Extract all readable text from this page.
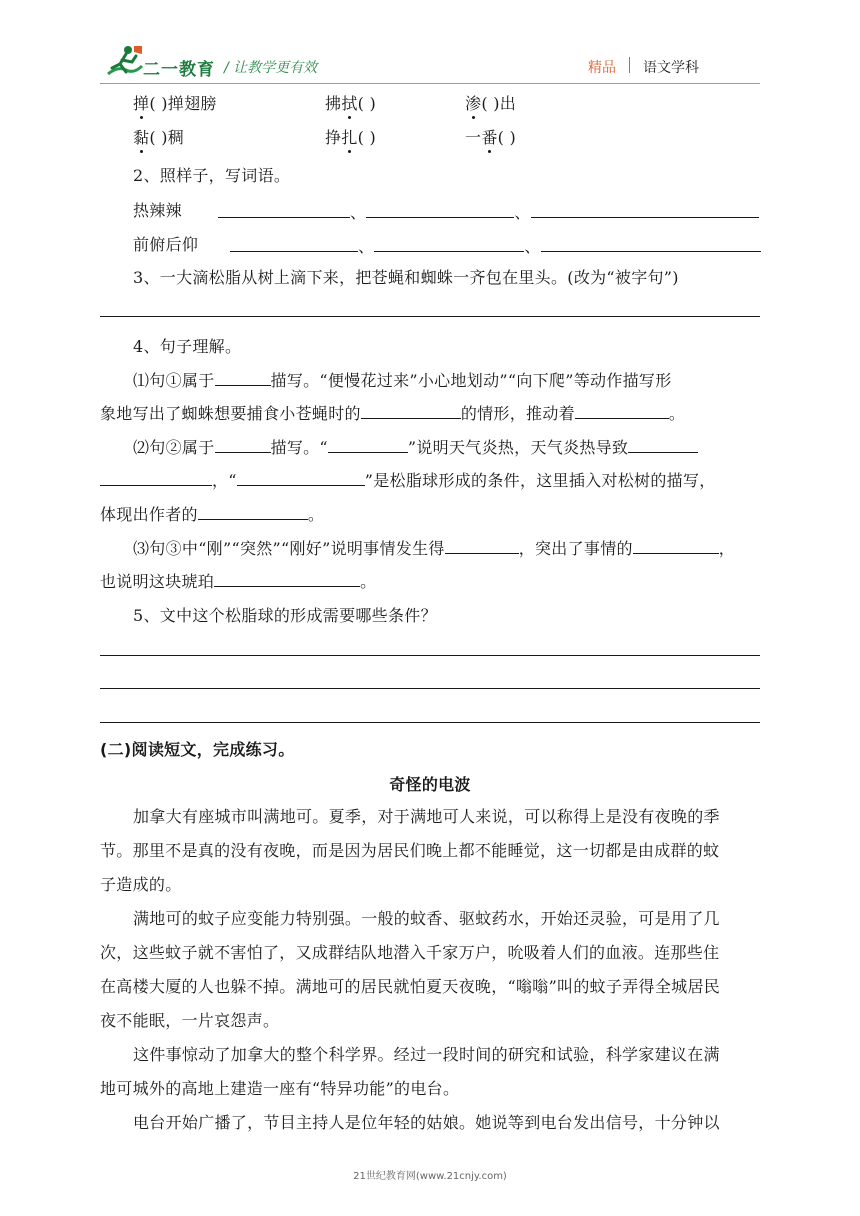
二一教育 / 让教学更有效	精品 语文学科
掸( )掸翅膀	拂拭( )	渗( )出
黏( )稠	挣扎( )	一番( )
2、照样子，写词语。
热辣辣	、	、
前俯后仰	、	、
3、一大滴松脂从树上滴下来，把苍蝇和蜘蛛一齐包在里头。(改为“被字句”)
4、句子理解。
⑴句①属于	描写。“便慢花过来”小心地划动”“向下爬”等动作描写形
象地写出了蜘蛛想要捕食小苍蝇时的	的情形，推动着	。
⑵句②属于	描写。“	”说明天气炎热，天气炎热导致
，“	”是松脂球形成的条件，这里插入对松树的描写，
体现出作者的	。
⑶句③中“刚”“突然”“刚好”说明事情发生得	，突出了事情的	，
也说明这块琥珀	。
5、文中这个松脂球的形成需要哪些条件？
(二)阅读短文，完成练习。
奇怪的电波
加拿大有座城市叫满地可。夏季，对于满地可人来说，可以称得上是没有夜晚的季
节。那里不是真的没有夜晚，而是因为居民们晚上都不能睡觉，这一切都是由成群的蚊
子造成的。
满地可的蚊子应变能力特别强。一般的蚊香、驱蚊药水，开始还灵验，可是用了几
次，这些蚊子就不害怕了，又成群结队地潜入千家万户，吮吸着人们的血液。连那些住
在高楼大厦的人也躲不掉。满地可的居民就怕夏天夜晚，“嗡嗡”叫的蚊子弄得全城居民
夜不能眠，一片哀怨声。
这件事惊动了加拿大的整个科学界。经过一段时间的研究和试验，科学家建议在满
地可城外的高地上建造一座有“特异功能”的电台。
电台开始广播了，节目主持人是位年轻的姑娘。她说等到电台发出信号，十分钟以
21世纪教育网(www.21cnjy.com)
